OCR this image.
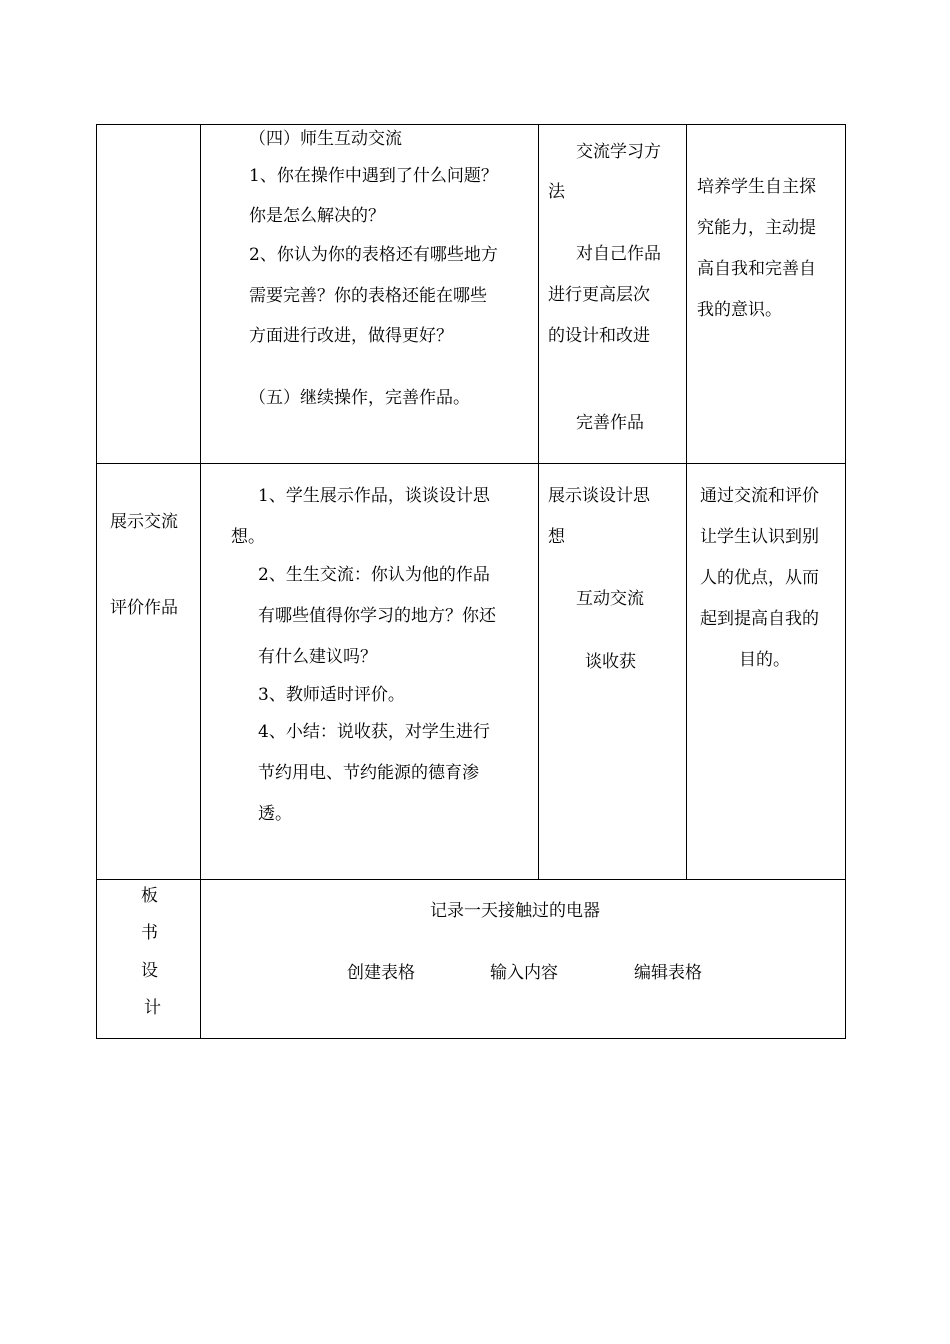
（四）师生互动交流
1、你在操作中遇到了什么问题？
你是怎么解决的？
2、你认为你的表格还有哪些地方
需要完善？你的表格还能在哪些
方面进行改进，做得更好？
（五）继续操作，完善作品。
交流学习方
法
对自己作品
进行更高层次
的设计和改进
完善作品
培养学生自主探
究能力，主动提
高自我和完善自
我的意识。
展示交流
评价作品
1、学生展示作品，谈谈设计思
想。
2、生生交流：你认为他的作品
有哪些值得你学习的地方？你还
有什么建议吗？
3、教师适时评价。
4、小结：说收获，对学生进行
节约用电、节约能源的德育渗
透。
展示谈设计思
想
互动交流
谈收获
通过交流和评价
让学生认识到别
人的优点，从而
起到提高自我的
目的。
板
书
设
计
记录一天接触过的电器
创建表格	输入内容	编辑表格
